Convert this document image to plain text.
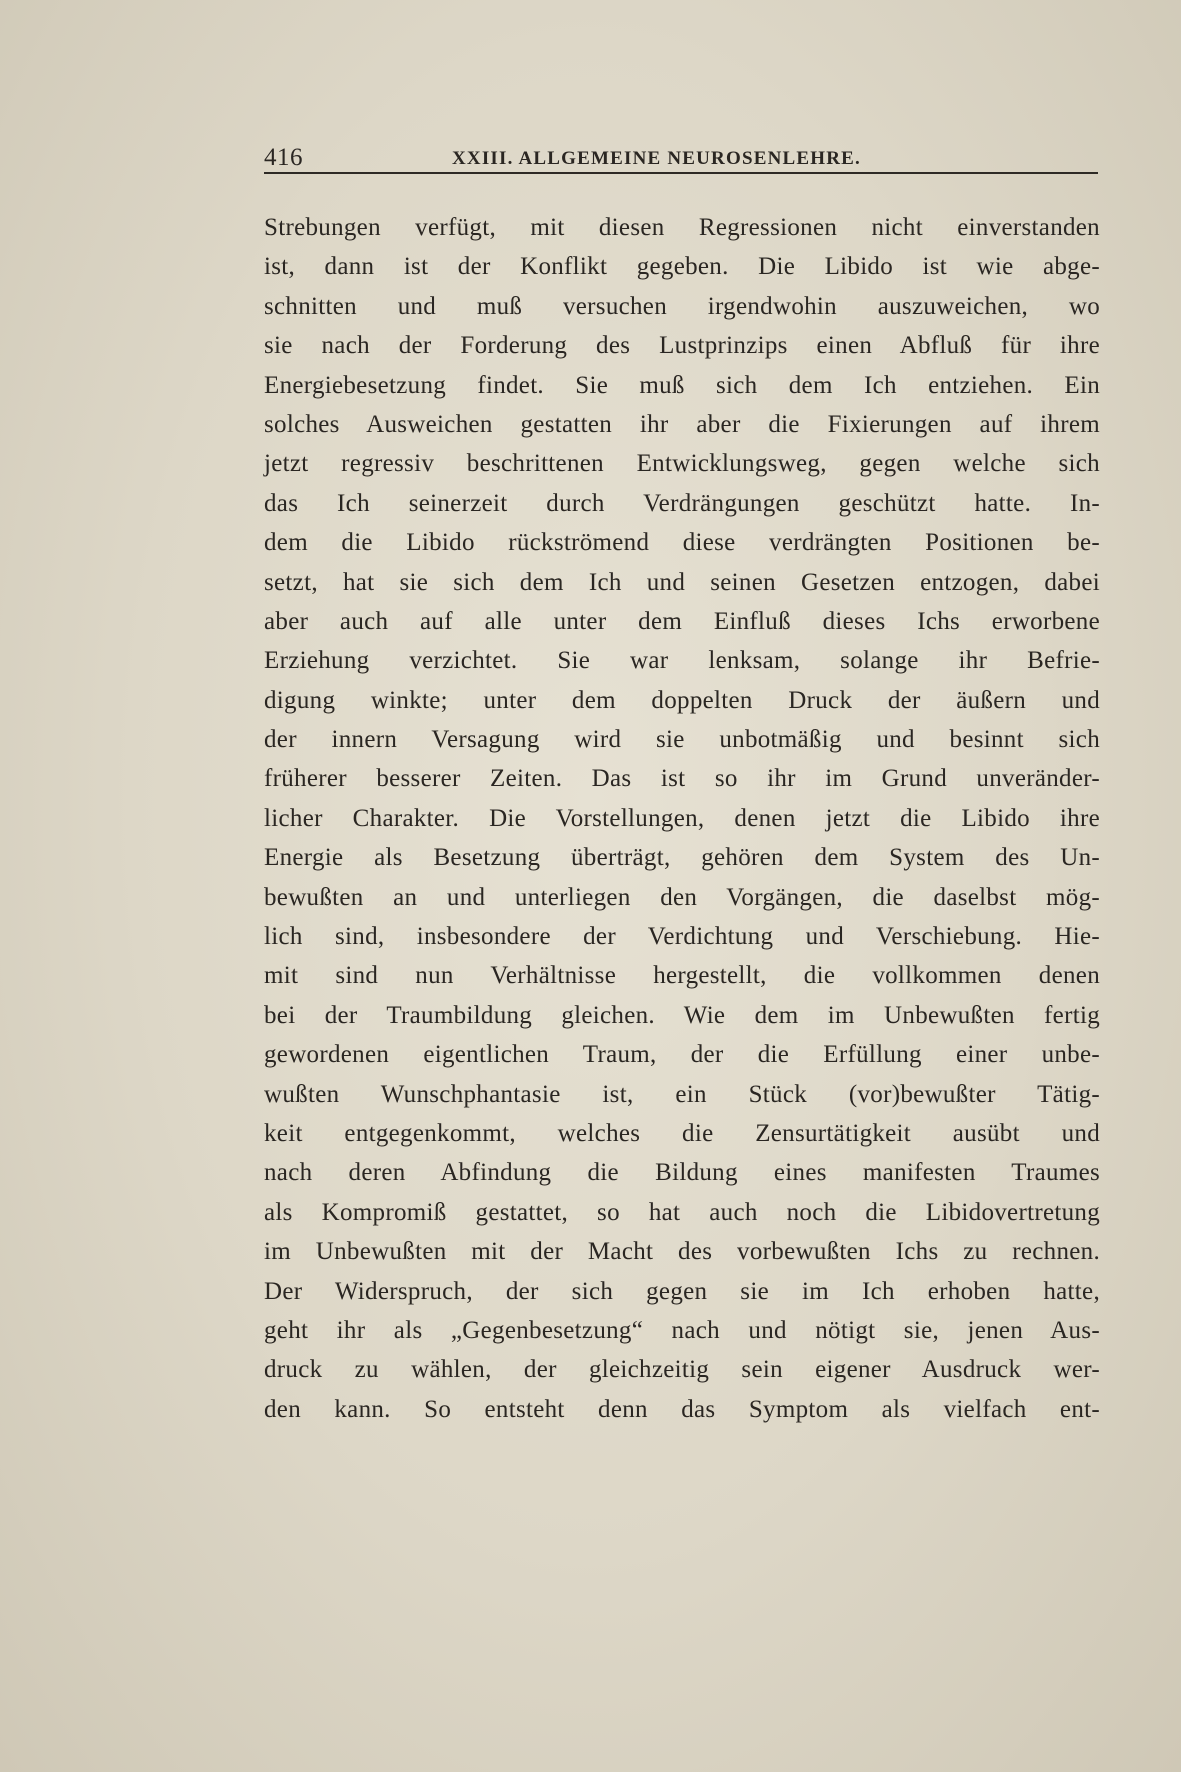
416	XXIII. ALLGEMEINE NEUROSENLEHRE.
Strebungen verfügt, mit diesen Regressionen nicht einverstanden
ist, dann ist der Konflikt gegeben. Die Libido ist wie abge-
schnitten und muß versuchen irgendwohin auszuweichen, wo
sie nach der Forderung des Lustprinzips einen Abfluß für ihre
Energiebesetzung findet. Sie muß sich dem Ich entziehen. Ein
solches Ausweichen gestatten ihr aber die Fixierungen auf ihrem
jetzt regressiv beschrittenen Entwicklungsweg, gegen welche sich
das Ich seinerzeit durch Verdrängungen geschützt hatte. In-
dem die Libido rückströmend diese verdrängten Positionen be-
setzt, hat sie sich dem Ich und seinen Gesetzen entzogen, dabei
aber auch auf alle unter dem Einfluß dieses Ichs erworbene
Erziehung verzichtet. Sie war lenksam, solange ihr Befrie-
digung winkte; unter dem doppelten Druck der äußern und
der innern Versagung wird sie unbotmäßig und besinnt sich
früherer besserer Zeiten. Das ist so ihr im Grund unveränder-
licher Charakter. Die Vorstellungen, denen jetzt die Libido ihre
Energie als Besetzung überträgt, gehören dem System des Un-
bewußten an und unterliegen den Vorgängen, die daselbst mög-
lich sind, insbesondere der Verdichtung und Verschiebung. Hie-
mit sind nun Verhältnisse hergestellt, die vollkommen denen
bei der Traumbildung gleichen. Wie dem im Unbewußten fertig
gewordenen eigentlichen Traum, der die Erfüllung einer unbe-
wußten Wunschphantasie ist, ein Stück (vor)bewußter Tätig-
keit entgegenkommt, welches die Zensurtätigkeit ausübt und
nach deren Abfindung die Bildung eines manifesten Traumes
als Kompromiß gestattet, so hat auch noch die Libidovertretung
im Unbewußten mit der Macht des vorbewußten Ichs zu rechnen.
Der Widerspruch, der sich gegen sie im Ich erhoben hatte,
geht ihr als „Gegenbesetzung“ nach und nötigt sie, jenen Aus-
druck zu wählen, der gleichzeitig sein eigener Ausdruck wer-
den kann. So entsteht denn das Symptom als vielfach ent-
